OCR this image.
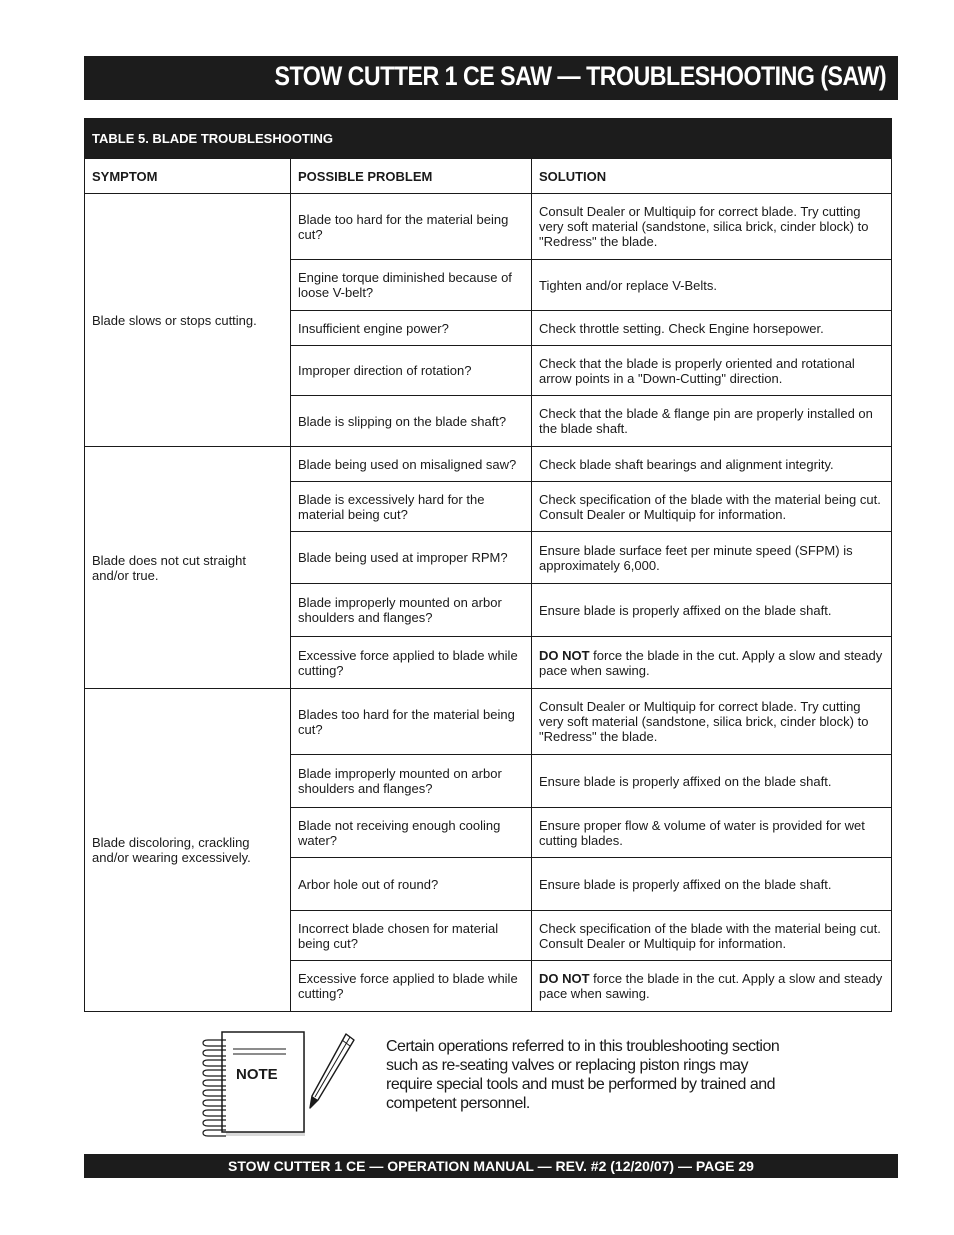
STOW CUTTER 1 CE SAW — TROUBLESHOOTING (SAW)
TABLE 5. BLADE TROUBLESHOOTING		
SYMPTOM	POSSIBLE PROBLEM	SOLUTION
Blade slows or stops cutting.	Blade too hard for the material being cut?	Consult Dealer or Multiquip for correct blade. Try cutting very soft material (sandstone, silica brick, cinder block) to "Redress" the blade.
	Engine torque diminished because of loose V-belt?	Tighten and/or replace V-Belts.
	Insufficient engine power?	Check throttle setting. Check Engine horsepower.
	Improper direction of rotation?	Check that the blade is properly oriented and rotational arrow points in a "Down-Cutting" direction.
	Blade is slipping on the blade shaft?	Check that the blade & flange pin are properly installed on the blade shaft.
Blade does not cut straight and/or true.	Blade being used on misaligned saw?	Check blade shaft bearings and alignment integrity.
	Blade is excessively hard for the material being cut?	Check specification of the blade with the material being cut. Consult Dealer or Multiquip for information.
	Blade being used at improper RPM?	Ensure blade surface feet per minute speed (SFPM) is approximately 6,000.
	Blade improperly mounted on arbor shoulders and flanges?	Ensure blade is properly affixed on the blade shaft.
	Excessive force applied to blade while cutting?	DO NOT force the blade in the cut. Apply a slow and steady pace when sawing.
Blade discoloring, crackling and/or wearing excessively.	Blades too hard for the material being cut?	Consult Dealer or Multiquip for correct blade. Try cutting very soft material (sandstone, silica brick, cinder block) to "Redress" the blade.
	Blade improperly mounted on arbor shoulders and flanges?	Ensure blade is properly affixed on the blade shaft.
	Blade not receiving enough cooling water?	Ensure proper flow & volume of water is provided for wet cutting blades.
	Arbor hole out of round?	Ensure blade is properly affixed on the blade shaft.
	Incorrect blade chosen for material being cut?	Check specification of the blade with the material being cut. Consult Dealer or Multiquip for information.
	Excessive force applied to blade while cutting?	DO NOT force the blade in the cut. Apply a slow and steady pace when sawing.
NOTE

Certain operations referred to in this troubleshooting section such as re-seating valves or replacing piston rings may require special tools and must be performed by trained and competent personnel.

STOW CUTTER 1 CE — OPERATION MANUAL — REV. #2 (12/20/07) — PAGE 29
